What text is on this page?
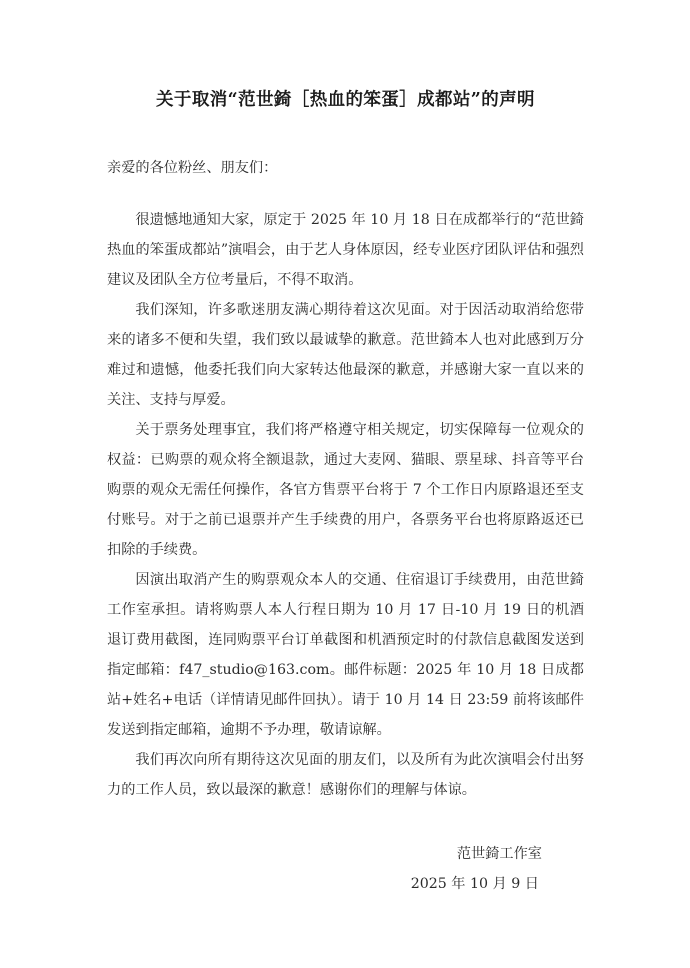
关于取消“范世錡［热血的笨蛋］成都站”的声明

亲爱的各位粉丝、朋友们：

很遗憾地通知大家，原定于 2025 年 10 月 18 日在成都举行的“范世錡 热血的笨蛋成都站”演唱会，由于艺人身体原因，经专业医疗团队评估和强烈建议及团队全方位考量后，不得不取消。

我们深知，许多歌迷朋友满心期待着这次见面。对于因活动取消给您带来的诸多不便和失望，我们致以最诚挚的歉意。范世錡本人也对此感到万分难过和遗憾，他委托我们向大家转达他最深的歉意，并感谢大家一直以来的关注、支持与厚爱。

关于票务处理事宜，我们将严格遵守相关规定，切实保障每一位观众的权益：已购票的观众将全额退款，通过大麦网、猫眼、票星球、抖音等平台购票的观众无需任何操作，各官方售票平台将于 7 个工作日内原路退还至支付账号。对于之前已退票并产生手续费的用户，各票务平台也将原路返还已扣除的手续费。

因演出取消产生的购票观众本人的交通、住宿退订手续费用，由范世錡工作室承担。请将购票人本人行程日期为 10 月 17 日-10 月 19 日的机酒退订费用截图，连同购票平台订单截图和机酒预定时的付款信息截图发送到指定邮箱：f47_studio@163.com。邮件标题：2025 年 10 月 18 日成都站+姓名+电话（详情请见邮件回执）。请于 10 月 14 日 23:59 前将该邮件发送到指定邮箱，逾期不予办理，敬请谅解。

我们再次向所有期待这次见面的朋友们，以及所有为此次演唱会付出努力的工作人员，致以最深的歉意！感谢你们的理解与体谅。

范世錡工作室

2025 年 10 月 9 日
